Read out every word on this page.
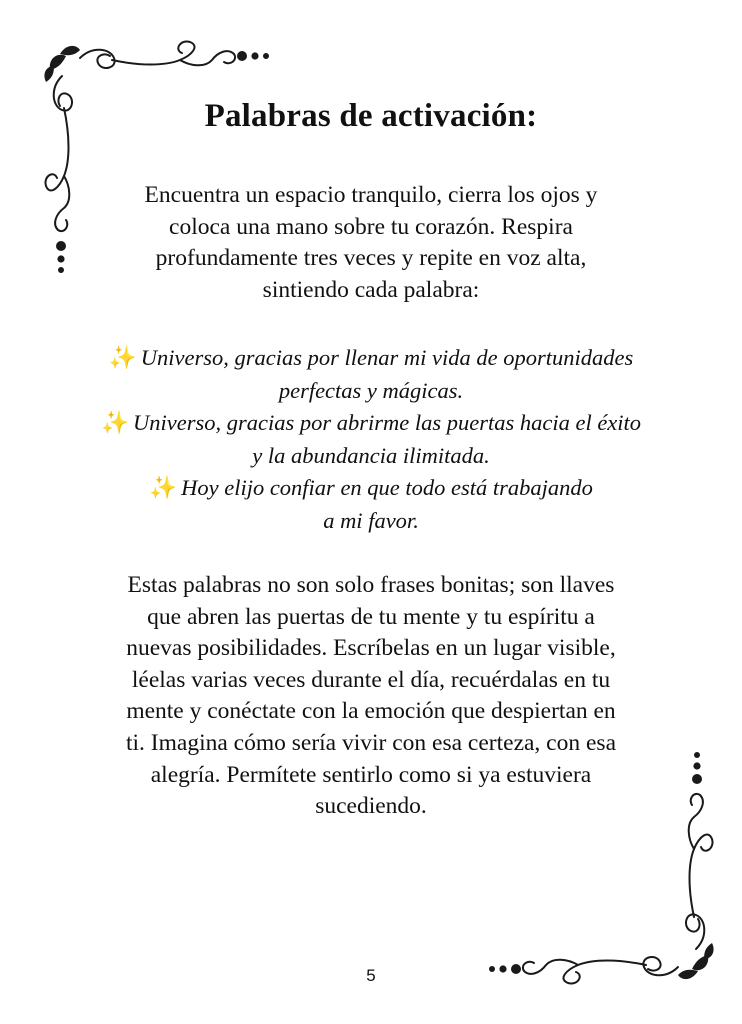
Palabras de activación:

Encuentra un espacio tranquilo, cierra los ojos y
coloca una mano sobre tu corazón. Respira
profundamente tres veces y repite en voz alta,
sintiendo cada palabra:

✨ Universo, gracias por llenar mi vida de oportunidades
perfectas y mágicas.
✨ Universo, gracias por abrirme las puertas hacia el éxito
y la abundancia ilimitada.
✨ Hoy elijo confiar en que todo está trabajando
a mi favor.

Estas palabras no son solo frases bonitas; son llaves
que abren las puertas de tu mente y tu espíritu a
nuevas posibilidades. Escríbelas en un lugar visible,
léelas varias veces durante el día, recuérdalas en tu
mente y conéctate con la emoción que despiertan en
ti. Imagina cómo sería vivir con esa certeza, con esa
alegría. Permítete sentirlo como si ya estuviera
sucediendo.

5
